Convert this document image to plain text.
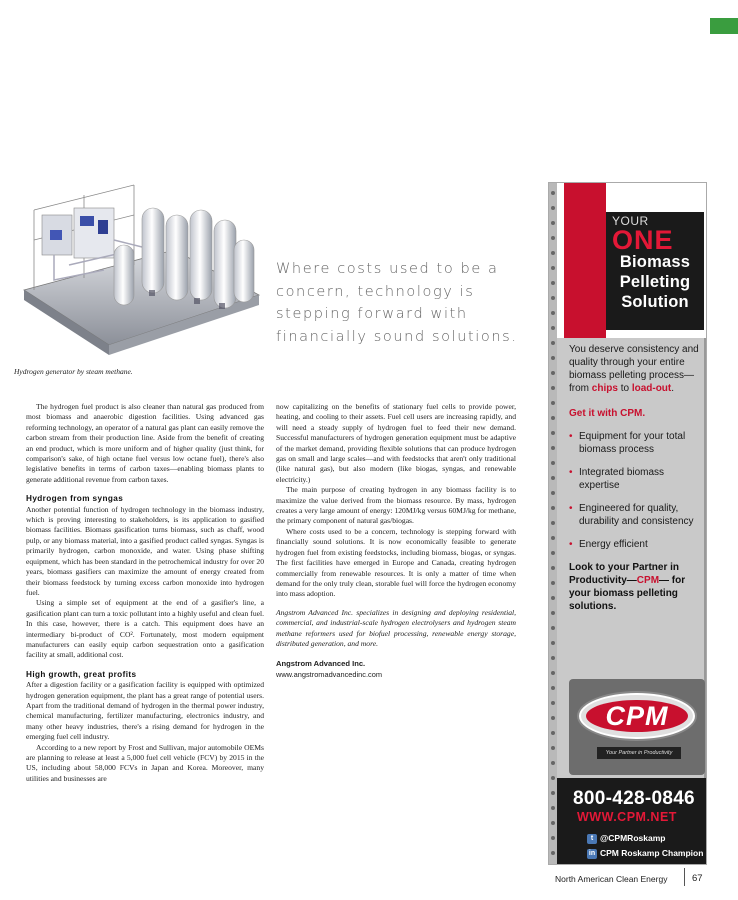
Hydrogen generator by steam methane.
Where costs used to be a concern, technology is stepping forward with financially sound solutions.

The hydrogen fuel product is also cleaner than natural gas produced from most biomass and anaerobic digestion facilities. Using advanced gas reforming technology, an operator of a natural gas plant can easily remove the carbon stream from their production line. Aside from the benefit of creating an end product, which is more uniform and of higher quality (just think, for comparison's sake, of high octane fuel versus low octane fuel), there's also legislative benefits in terms of carbon taxes—enabling biomass plants to generate additional revenue from carbon taxes.

Hydrogen from syngas

Another potential function of hydrogen technology in the biomass industry, which is proving interesting to stakeholders, is its application to gasified biomass facilities. Biomass gasification turns biomass, such as chaff, wood pulp, or any biomass material, into a gasified product called syngas. Syngas is primarily hydrogen, carbon monoxide, and water. Using phase shifting equipment, which has been standard in the petrochemical industry for over 20 years, biomass gasifiers can maximize the amount of energy created from their biomass feedstock by turning excess carbon monoxide into hydrogen fuel.

Using a simple set of equipment at the end of a gasifier's line, a gasification plant can turn a toxic pollutant into a highly useful and clean fuel. In this case, however, there is a catch. This equipment does have an intermediary bi-product of CO². Fortunately, most modern equipment manufacturers can easily equip carbon sequestration onto a gasification facility at small, additional cost.

High growth, great profits

After a digestion facility or a gasification facility is equipped with optimized hydrogen generation equipment, the plant has a great range of potential users. Apart from the traditional demand of hydrogen in the thermal power industry, chemical manufacturing, fertilizer manufacturing, electronics industry, and many other heavy industries, there's a rising demand for hydrogen in the emerging fuel cell industry.

According to a new report by Frost and Sullivan, major automobile OEMs are planning to release at least a 5,000 fuel cell vehicle (FCV) by 2015 in the US, including about 58,000 FCVs in Japan and Korea. Moreover, many utilities and businesses are

now capitalizing on the benefits of stationary fuel cells to provide power, heating, and cooling to their assets. Fuel cell users are increasing rapidly, and will need a steady supply of hydrogen fuel to feed their new demand. Successful manufacturers of hydrogen generation equipment must be adaptive of the market demand, providing flexible solutions that can produce hydrogen gas on small and large scales—and with feedstocks that aren't only traditional (like natural gas), but also modern (like biogas, syngas, and renewable electricity.)

The main purpose of creating hydrogen in any biomass facility is to maximize the value derived from the biomass resource. By mass, hydrogen creates a very large amount of energy: 120MJ/kg versus 60MJ/kg for methane, the primary component of natural gas/biogas.

Where costs used to be a concern, technology is stepping forward with financially sound solutions. It is now economically feasible to generate hydrogen fuel from existing feedstocks, including biomass, biogas, or syngas. The first facilities have emerged in Europe and Canada, creating hydrogen commercially from renewable resources. It is only a matter of time when demand for the only truly clean, storable fuel will force the hydrogen economy into mass adoption.

Angstrom Advanced Inc. specializes in designing and deploying residential, commercial, and industrial-scale hydrogen electrolysers and hydrogen steam methane reformers used for biofuel processing, renewable energy storage, distributed generation, and more.

Angstrom Advanced Inc.

www.angstromadvancedinc.com

YOUR
ONE
Biomass
Pelleting
Solution
You deserve consistency and quality through your entire biomass pelleting process—
from chips to load-out.
Get it with CPM.
• Equipment for your total biomass process
• Integrated biomass expertise
• Engineered for quality, durability and consistency
• Energy efficient
Look to your Partner in Productivity—CPM— for your biomass pelleting solutions.
CPM
Your Partner in Productivity
800-428-0846
WWW.CPM.NET
t @CPMRoskamp
in CPM Roskamp Champion
North American Clean Energy	67
